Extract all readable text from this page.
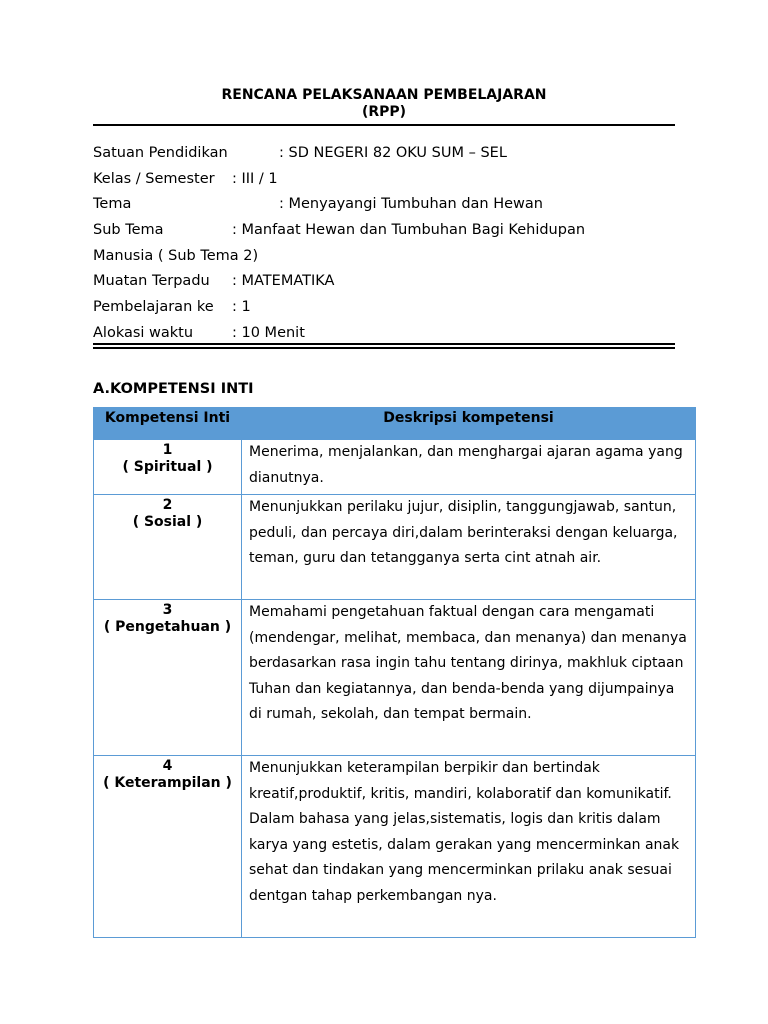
RENCANA PELAKSANAAN PEMBELAJARAN
(RPP)
Satuan Pendidikan	: SD NEGERI 82 OKU SUM – SEL
Kelas / Semester : III / 1
Tema	: Menyayangi Tumbuhan dan Hewan
Sub Tema	: Manfaat Hewan dan Tumbuhan Bagi Kehidupan
Manusia ( Sub Tema 2)
Muatan Terpadu : MATEMATIKA
Pembelajaran ke : 1
Alokasi waktu	: 10 Menit
A.KOMPETENSI INTI
Kompetensi Inti	Deskripsi kompetensi

1
( Spiritual )	Menerima, menjalankan, dan menghargai ajaran agama yang dianutnya.

2
( Sosial )	Menunjukkan perilaku jujur, disiplin, tanggungjawab, santun, peduli, dan percaya diri,dalam berinteraksi dengan keluarga, teman, guru dan tetangganya serta cint atnah air.

3
( Pengetahuan )	Memahami pengetahuan faktual dengan cara mengamati (mendengar, melihat, membaca, dan menanya) dan menanya berdasarkan rasa ingin tahu tentang dirinya, makhluk ciptaan Tuhan dan kegiatannya, dan benda-benda yang dijumpainya di rumah, sekolah, dan tempat bermain.

4
( Keterampilan )	Menunjukkan keterampilan berpikir dan bertindak kreatif,produktif, kritis, mandiri, kolaboratif dan komunikatif. Dalam bahasa yang jelas,sistematis, logis dan kritis dalam karya yang estetis, dalam gerakan yang mencerminkan anak sehat dan tindakan yang mencerminkan prilaku anak sesuai dentgan tahap perkembangan nya.
